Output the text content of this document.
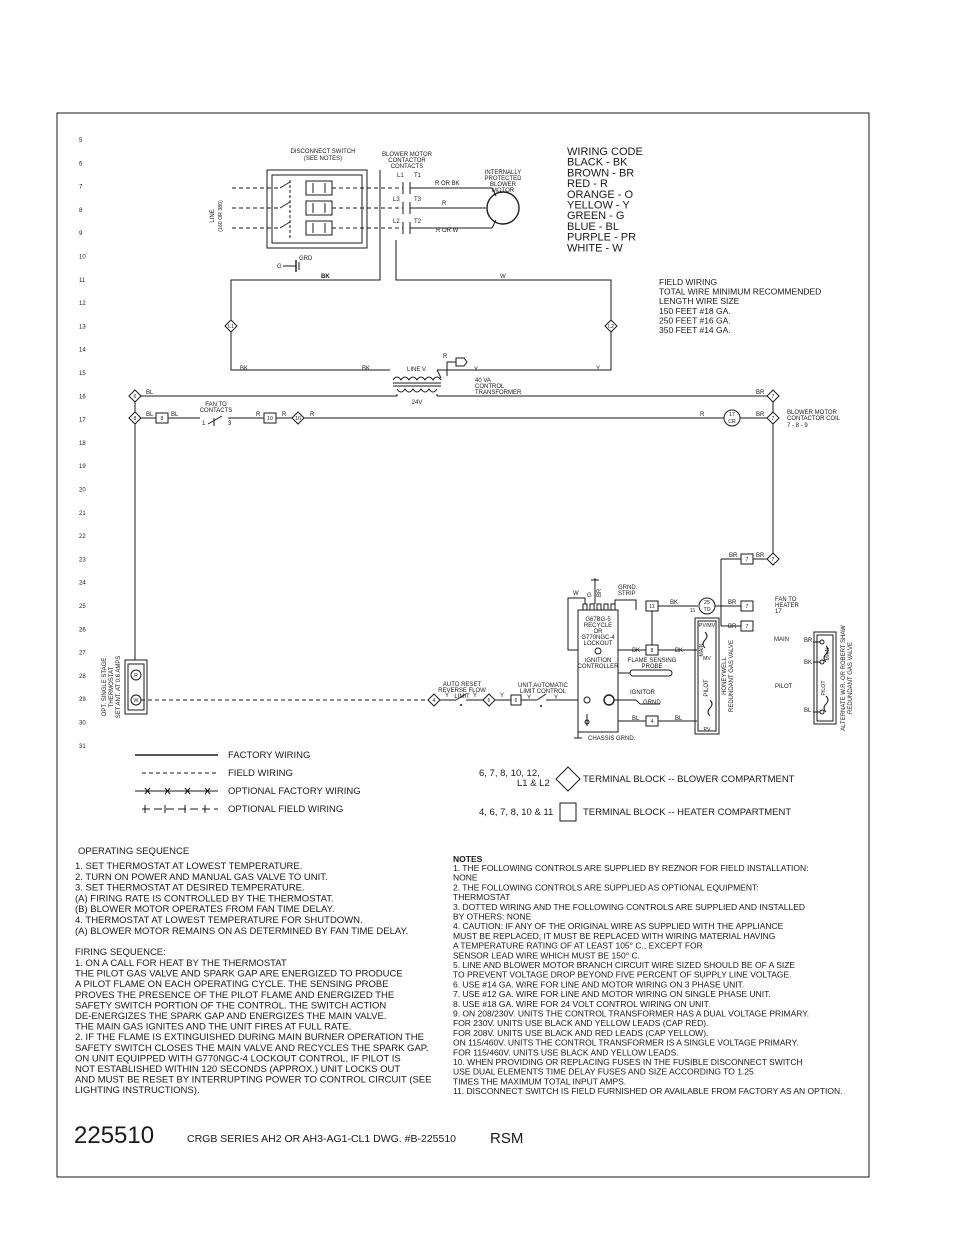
5
6
7
8
9
10
11
12
13
14
15
16
17
18
19
20
21
22
23
24
25
26
27
28
29
30
31
DISCONNECT SWITCH
(SEE NOTES)
LINE (160 OR 380)
BLOWER MOTOR
CONTACTOR
CONTACTS
L1 T1
L3 T3
L2 T2
R OR BK
R
R OR W
INTERNALLY
PROTECTED
BLOWER
MOTOR
GRD
G
BK	W
BK	BK	Y
L1	L2
LINE V	Y
R
24V
40 VA
CONTROL
TRANSFORMER
BL
BL	BL	R	R	R	R
BR
BR
6
8	8
FAN TO
CONTACTS
1	3
10	10
17
CR
7
7
BLOWER MOTOR
CONTACTOR COIL
7 - 8 - 9
BR	BR
7	7
WIRING CODE
BLACK - BK
BROWN - BR
RED - R
ORANGE - O
YELLOW - Y
GREEN - G
BLUE - BL
PURPLE - PR
WHITE - W
FIELD WIRING
TOTAL WIRE MINIMUM RECOMMENDED
LENGTH WIRE SIZE
150 FEET #18 GA.
250 FEET #16 GA.
350 FEET #14 GA.
R
W
OPT. SINGLE STAGE THERMOSTAT SET ANT. AT 0.6 AMPS	4
AUTO RESET
REVERSE FLOW
LIMIT
Y	Y
6
Y
6
UNIT AUTOMATIC
LIMIT CONTROL
Y	Y
G67BG-5
RECYCLE
OR
G770NGC-4
LOCKOUT
IGNITION
CONTROLLER
W G BR
GRND.
STRIP
CHASSIS GRND.
FLAME SENSING
PROBE
IGNITOR
GRND
BK	BK
BK	BR
BR
BL	BL
11
11
25
TD
8
7
7
4
FAN TO
HEATER
17
PV/MV
MV
PV
MAIN
PILOT HONEYWELL REDUNDANT GAS VALVE	MAIN
PILOT
BR
BK
BL
MAIN
PILOT ALTERNATE W.R. OR ROBERT SHAW REDUNDANT GAS VALVE
FACTORY WIRING
FIELD WIRING
OPTIONAL FACTORY WIRING
OPTIONAL FIELD WIRING
6, 7, 8, 10, 12,
L1 & L2	TERMINAL BLOCK -- BLOWER COMPARTMENT
4, 6, 7, 8, 10 & 11	TERMINAL BLOCK -- HEATER COMPARTMENT
OPERATING SEQUENCE
1. SET THERMOSTAT AT LOWEST TEMPERATURE.
2. TURN ON POWER AND MANUAL GAS VALVE TO UNIT.
3. SET THERMOSTAT AT DESIRED TEMPERATURE.
(A) FIRING RATE IS CONTROLLED BY THE THERMOSTAT.
(B) BLOWER MOTOR OPERATES FROM FAN TIME DELAY.
4. THERMOSTAT AT LOWEST TEMPERATURE FOR SHUTDOWN.
(A) BLOWER MOTOR REMAINS ON AS DETERMINED BY FAN TIME DELAY.
FIRING SEQUENCE:
1. ON A CALL FOR HEAT BY THE THERMOSTAT
THE PILOT GAS VALVE AND SPARK GAP ARE ENERGIZED TO PRODUCE
A PILOT FLAME ON EACH OPERATING CYCLE. THE SENSING PROBE
PROVES THE PRESENCE OF THE PILOT FLAME AND ENERGIZED THE
SAFETY SWITCH PORTION OF THE CONTROL. THE SWITCH ACTION
DE-ENERGIZES THE SPARK GAP AND ENERGIZES THE MAIN VALVE.
THE MAIN GAS IGNITES AND THE UNIT FIRES AT FULL RATE.
2. IF THE FLAME IS EXTINGUISHED DURING MAIN BURNER OPERATION THE
SAFETY SWITCH CLOSES THE MAIN VALVE AND RECYCLES THE SPARK GAP.
ON UNIT EQUIPPED WITH G770NGC-4 LOCKOUT CONTROL, IF PILOT IS
NOT ESTABLISHED WITHIN 120 SECONDS (APPROX.) UNIT LOCKS OUT
AND MUST BE RESET BY INTERRUPTING POWER TO CONTROL CIRCUIT (SEE
LIGHTING INSTRUCTIONS).
NOTES
1. THE FOLLOWING CONTROLS ARE SUPPLIED BY REZNOR FOR FIELD INSTALLATION:
NONE
2. THE FOLLOWING CONTROLS ARE SUPPLIED AS OPTIONAL EQUIPMENT:
THERMOSTAT
3. DOTTED WIRING AND THE FOLLOWING CONTROLS ARE SUPPLIED AND INSTALLED
BY OTHERS: NONE
4. CAUTION: IF ANY OF THE ORIGINAL WIRE AS SUPPLIED WITH THE APPLIANCE
MUST BE REPLACED, IT MUST BE REPLACED WITH WIRING MATERIAL HAVING
A TEMPERATURE RATING OF AT LEAST 105° C., EXCEPT FOR
SENSOR LEAD WIRE WHICH MUST BE 150° C.
5. LINE AND BLOWER MOTOR BRANCH CIRCUIT WIRE SIZED SHOULD BE OF A SIZE
TO PREVENT VOLTAGE DROP BEYOND FIVE PERCENT OF SUPPLY LINE VOLTAGE.
6. USE #14 GA. WIRE FOR LINE AND MOTOR WIRING ON 3 PHASE UNIT.
7. USE #12 GA. WIRE FOR LINE AND MOTOR WIRING ON SINGLE PHASE UNIT.
8. USE #18 GA. WIRE FOR 24 VOLT CONTROL WIRING ON UNIT.
9. ON 208/230V. UNITS THE CONTROL TRANSFORMER HAS A DUAL VOLTAGE PRIMARY.
FOR 230V. UNITS USE BLACK AND YELLOW LEADS (CAP RED).
FOR 208V. UNITS USE BLACK AND RED LEADS (CAP YELLOW).
ON 115/460V. UNITS THE CONTROL TRANSFORMER IS A SINGLE VOLTAGE PRIMARY.
FOR 115/460V. UNITS USE BLACK AND YELLOW LEADS.
10. WHEN PROVIDING OR REPLACING FUSES IN THE FUSIBLE DISCONNECT SWITCH
USE DUAL ELEMENTS TIME DELAY FUSES AND SIZE ACCORDING TO 1.25
TIMES THE MAXIMUM TOTAL INPUT AMPS.
11. DISCONNECT SWITCH IS FIELD FURNISHED OR AVAILABLE FROM FACTORY AS AN OPTION.
225510	CRGB SERIES AH2 OR AH3-AG1-CL1 DWG. #B-225510 RSM
